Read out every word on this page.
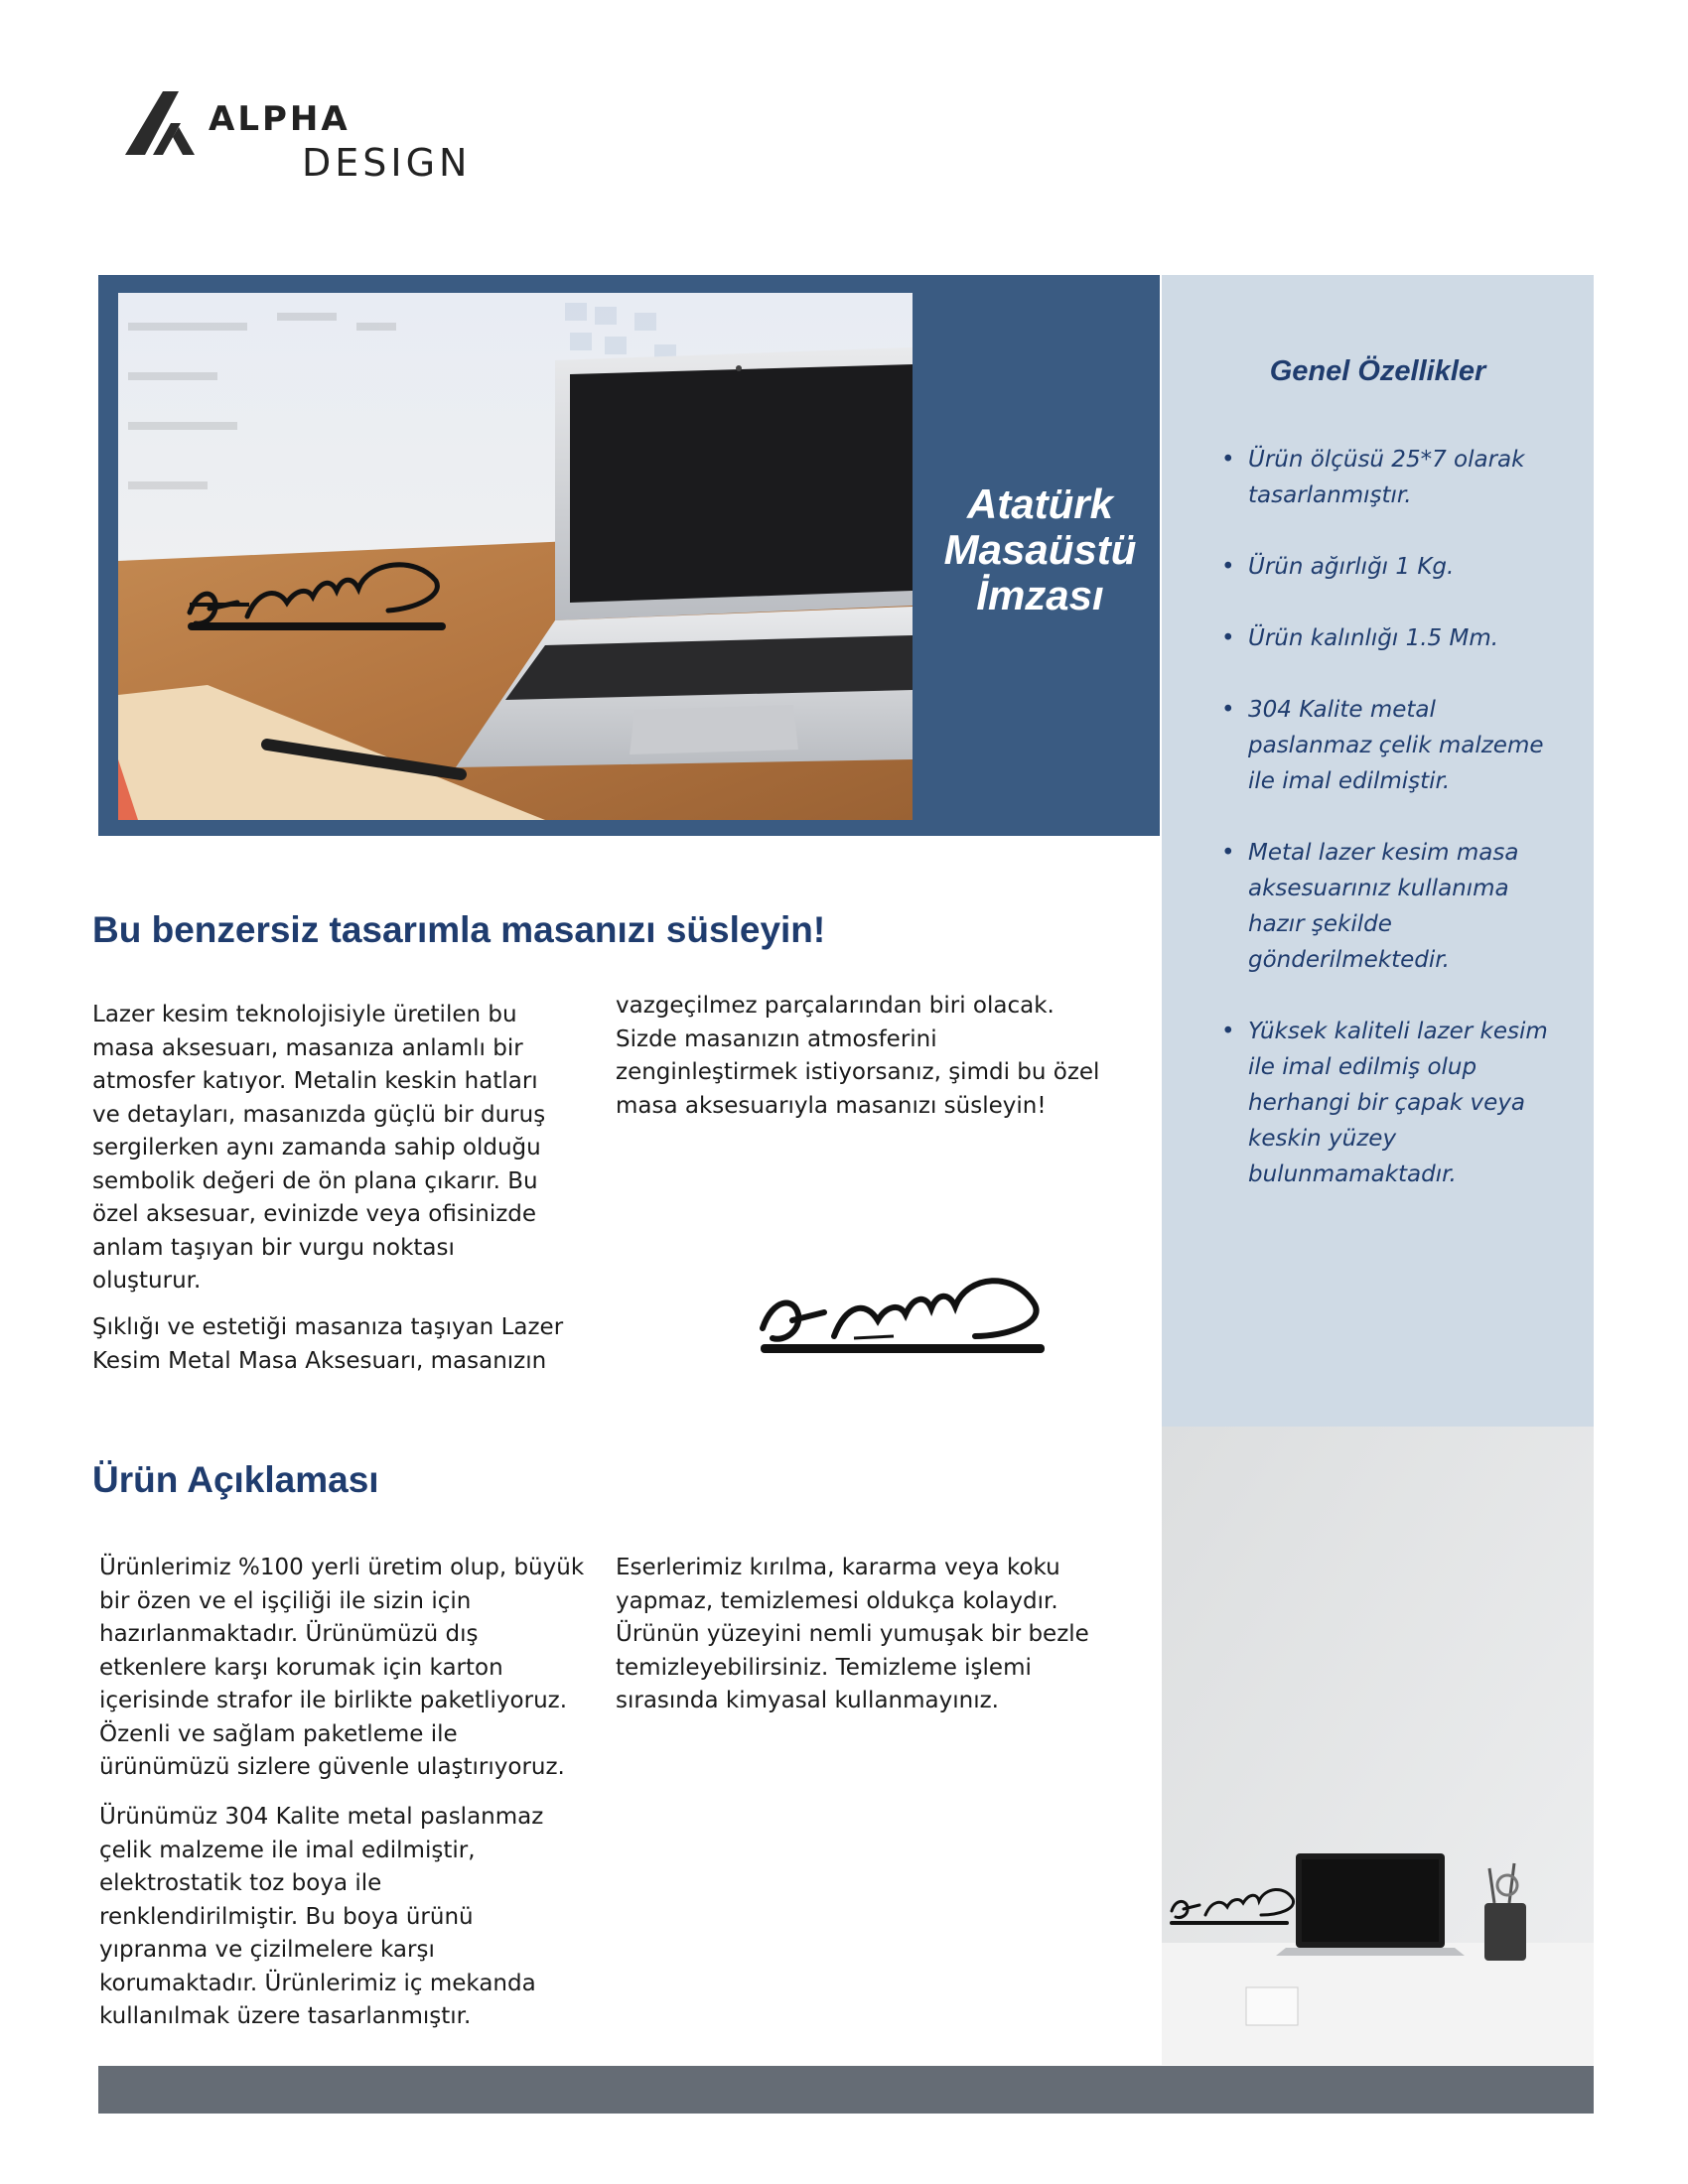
ALPHA
DESIGN
Atatürk Masaüstü İmzası
Genel Özellikler
• Ürün ölçüsü 25*7 olarak tasarlanmıştır.
• Ürün ağırlığı 1 Kg.
• Ürün kalınlığı 1.5 Mm.
• 304 Kalite metal paslanmaz çelik malzeme ile imal edilmiştir.
• Metal lazer kesim masa aksesuarınız kullanıma hazır şekilde gönderilmektedir.
• Yüksek kaliteli lazer kesim ile imal edilmiş olup herhangi bir çapak veya keskin yüzey bulunmamaktadır.
Bu benzersiz tasarımla masanızı süsleyin!

Lazer kesim teknolojisiyle üretilen bu masa aksesuarı, masanıza anlamlı bir atmosfer katıyor. Metalin keskin hatları ve detayları, masanızda güçlü bir duruş sergilerken aynı zamanda sahip olduğu sembolik değeri de ön plana çıkarır. Bu özel aksesuar, evinizde veya ofisinizde anlam taşıyan bir vurgu noktası oluşturur.

Şıklığı ve estetiği masanıza taşıyan Lazer Kesim Metal Masa Aksesuarı, masanızın

vazgeçilmez parçalarından biri olacak. Sizde masanızın atmosferini zenginleştirmek istiyorsanız, şimdi bu özel masa aksesuarıyla masanızı süsleyin!

Ürün Açıklaması

Ürünlerimiz %100 yerli üretim olup, büyük bir özen ve el işçiliği ile sizin için hazırlanmaktadır. Ürünümüzü dış etkenlere karşı korumak için karton içerisinde strafor ile birlikte paketliyoruz. Özenli ve sağlam paketleme ile ürünümüzü sizlere güvenle ulaştırıyoruz.

Ürünümüz 304 Kalite metal paslanmaz çelik malzeme ile imal edilmiştir, elektrostatik toz boya ile renklendirilmiştir. Bu boya ürünü yıpranma ve çizilmelere karşı korumaktadır. Ürünlerimiz iç mekanda kullanılmak üzere tasarlanmıştır.

Eserlerimiz kırılma, kararma veya koku yapmaz, temizlemesi oldukça kolaydır. Ürünün yüzeyini nemli yumuşak bir bezle temizleyebilirsiniz. Temizleme işlemi sırasında kimyasal kullanmayınız.
